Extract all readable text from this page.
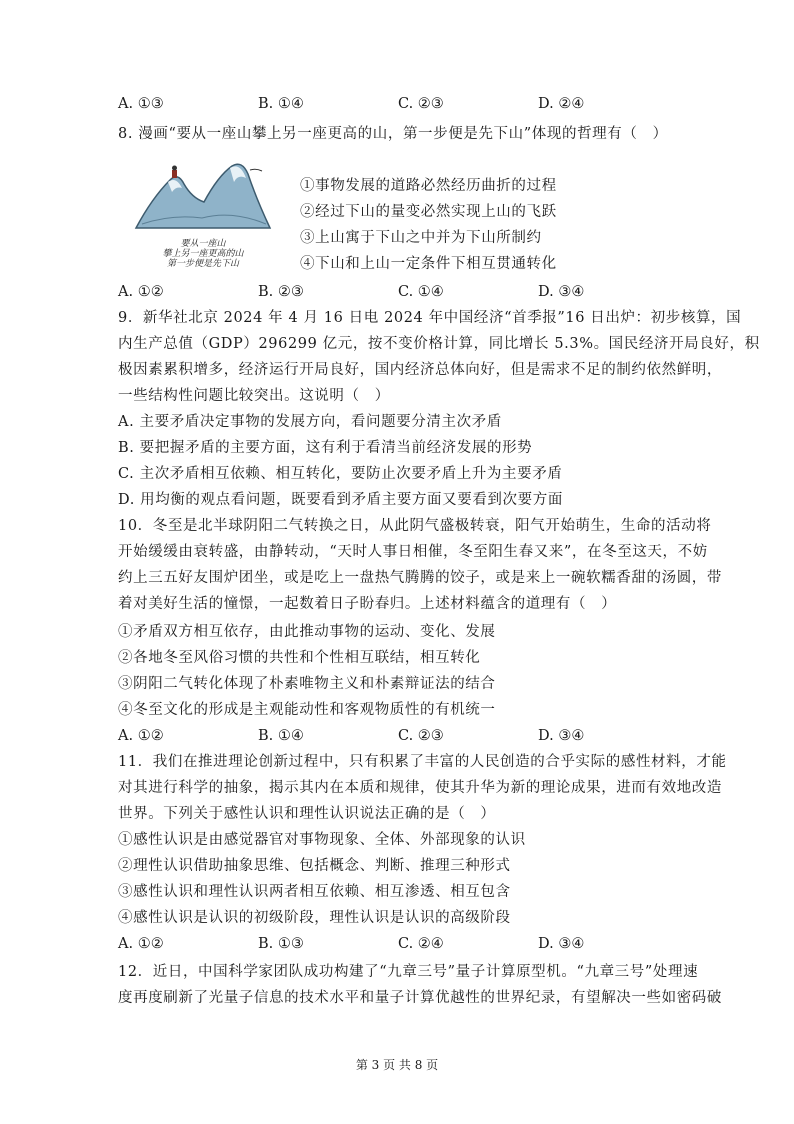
A. ①③	B. ①④	C. ②③	D. ②④
8. 漫画“要从一座山攀上另一座更高的山，第一步便是先下山”体现的哲理有（　）
要从一座山
攀上另一座更高的山
第一步便是先下山
①事物发展的道路必然经历曲折的过程
②经过下山的量变必然实现上山的飞跃
③上山寓于下山之中并为下山所制约
④下山和上山一定条件下相互贯通转化
A. ①②	B. ②③	C. ①④	D. ③④
9．新华社北京 2024 年 4 月 16 日电 2024 年中国经济“首季报”16 日出炉：初步核算，国
内生产总值（GDP）296299 亿元，按不变价格计算，同比增长 5.3%。国民经济开局良好，积
极因素累积增多，经济运行开局良好，国内经济总体向好，但是需求不足的制约依然鲜明，
一些结构性问题比较突出。这说明（　）
A. 主要矛盾决定事物的发展方向，看问题要分清主次矛盾
B. 要把握矛盾的主要方面，这有利于看清当前经济发展的形势
C. 主次矛盾相互依赖、相互转化，要防止次要矛盾上升为主要矛盾
D. 用均衡的观点看问题，既要看到矛盾主要方面又要看到次要方面
10．冬至是北半球阴阳二气转换之日，从此阴气盛极转衰，阳气开始萌生，生命的活动将
开始缓缓由衰转盛，由静转动，“天时人事日相催，冬至阳生春又来”，在冬至这天，不妨
约上三五好友围炉团坐，或是吃上一盘热气腾腾的饺子，或是来上一碗软糯香甜的汤圆，带
着对美好生活的憧憬，一起数着日子盼春归。上述材料蕴含的道理有（　）
①矛盾双方相互依存，由此推动事物的运动、变化、发展
②各地冬至风俗习惯的共性和个性相互联结，相互转化
③阴阳二气转化体现了朴素唯物主义和朴素辩证法的结合
④冬至文化的形成是主观能动性和客观物质性的有机统一
A. ①②	B. ①④	C. ②③	D. ③④
11．我们在推进理论创新过程中，只有积累了丰富的人民创造的合乎实际的感性材料，才能
对其进行科学的抽象，揭示其内在本质和规律，使其升华为新的理论成果，进而有效地改造
世界。下列关于感性认识和理性认识说法正确的是（　）
①感性认识是由感觉器官对事物现象、全体、外部现象的认识
②理性认识借助抽象思维、包括概念、判断、推理三种形式
③感性认识和理性认识两者相互依赖、相互渗透、相互包含
④感性认识是认识的初级阶段，理性认识是认识的高级阶段
A. ①②	B. ①③	C. ②④	D. ③④
12．近日，中国科学家团队成功构建了“九章三号”量子计算原型机。“九章三号”处理速
度再度刷新了光量子信息的技术水平和量子计算优越性的世界纪录，有望解决一些如密码破
第 3 页 共 8 页
